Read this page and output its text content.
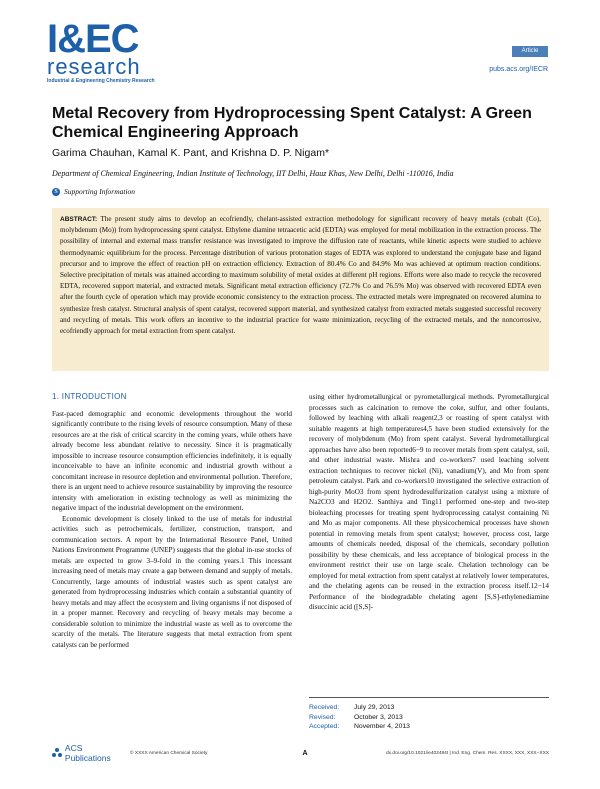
I&EC
research
Industrial & Engineering Chemistry Research
Article
pubs.acs.org/IECR
Metal Recovery from Hydroprocessing Spent Catalyst: A Green Chemical Engineering Approach
Garima Chauhan, Kamal K. Pant, and Krishna D. P. Nigam*
Department of Chemical Engineering, Indian Institute of Technology, IIT Delhi, Hauz Khas, New Delhi, Delhi -110016, India
S Supporting Information
ABSTRACT: The present study aims to develop an ecofriendly, chelant-assisted extraction methodology for significant recovery of heavy metals (cobalt (Co), molybdenum (Mo)) from hydroprocessing spent catalyst. Ethylene diamine tetraacetic acid (EDTA) was employed for metal mobilization in the extraction process. The possibility of internal and external mass transfer resistance was investigated to improve the diffusion rate of reactants, while kinetic aspects were studied to achieve thermodynamic equilibrium for the process. Percentage distribution of various protonation stages of EDTA was explored to understand the conjugate base and ligand precursor and to improve the effect of reaction pH on extraction efficiency. Extraction of 80.4% Co and 84.9% Mo was achieved at optimum reaction conditions. Selective precipitation of metals was attained according to maximum solubility of metal oxides at different pH regions. Efforts were also made to recycle the recovered EDTA, recovered support material, and extracted metals. Significant metal extraction efficiency (72.7% Co and 76.5% Mo) was observed with recovered EDTA even after the fourth cycle of operation which may provide economic consistency to the extraction process. The extracted metals were impregnated on recovered alumina to synthesize fresh catalyst. Structural analysis of spent catalyst, recovered support material, and synthesized catalyst from extracted metals suggested successful recovery and recycling of metals. This work offers an incentive to the industrial practice for waste minimization, recycling of the extracted metals, and the noncorrosive, ecofriendly approach for metal extraction from spent catalyst.
1. INTRODUCTION

Fast-paced demographic and economic developments throughout the world significantly contribute to the rising levels of resource consumption. Many of these resources are at the risk of critical scarcity in the coming years, while others have already become less abundant relative to necessity. Since it is pragmatically impossible to increase resource consumption efficiencies indefinitely, it is equally inconceivable to have an infinite economic and industrial growth without a concomitant increase in resource depletion and environmental pollution. Therefore, there is an urgent need to achieve resource sustainability by improving the resource intensity with amelioration in existing technology as well as minimizing the negative impact of the industrial development on the environment.

Economic development is closely linked to the use of metals for industrial activities such as petrochemicals, fertilizer, construction, transport, and communication sectors. A report by the International Resource Panel, United Nations Environment Programme (UNEP) suggests that the global in-use stocks of metals are expected to grow 3–9-fold in the coming years.1 This incessant increasing need of metals may create a gap between demand and supply of metals. Concurrently, large amounts of industrial wastes such as spent catalyst are generated from hydroprocessing industries which contain a substantial quantity of heavy metals and may affect the ecosystem and living organisms if not disposed of in a proper manner. Recovery and recycling of heavy metals may become a considerable solution to minimize the industrial waste as well as to overcome the scarcity of the metals. The literature suggests that metal extraction from spent catalysts can be performed

using either hydrometallurgical or pyrometallurgical methods. Pyrometallurgical processes such as calcination to remove the coke, sulfur, and other foulants, followed by leaching with alkali reagent2,3 or roasting of spent catalyst with suitable reagents at high temperatures4,5 have been studied extensively for the recovery of molybdenum (Mo) from spent catalyst. Several hydrometallurgical approaches have also been reported6−9 to recover metals from spent catalyst, soil, and other industrial waste. Mishra and co-workers7 used leaching solvent extraction techniques to recover nickel (Ni), vanadium(V), and Mo from spent petroleum catalyst. Park and co-workers10 investigated the selective extraction of high-purity MoO3 from spent hydrodesulfurization catalyst using a mixture of Na2CO3 and H2O2. Santhiya and Ting11 performed one-step and two-step bioleaching processes for treating spent hydroprocessing catalyst containing Ni and Mo as major components. All these physicochemical processes have shown potential in removing metals from spent catalyst; however, process cost, large amounts of chemicals needed, disposal of the chemicals, secondary pollution possibility by these chemicals, and less acceptance of biological process in the environment restrict their use on large scale. Chelation technology can be employed for metal extraction from spent catalyst at relatively lower temperatures, and the chelating agents can be reused in the extraction process itself.12−14 Performance of the biodegradable chelating agent [S,S]-ethylenediamine disuccinic acid ([S,S]-

Received:	July 29, 2013
Revised:	October 3, 2013
Accepted:	November 4, 2013
ACS Publications	© XXXX American Chemical Society	A	dx.doi.org/10.1021/ie402484t | Ind. Eng. Chem. Res. XXXX, XXX, XXX−XXX
